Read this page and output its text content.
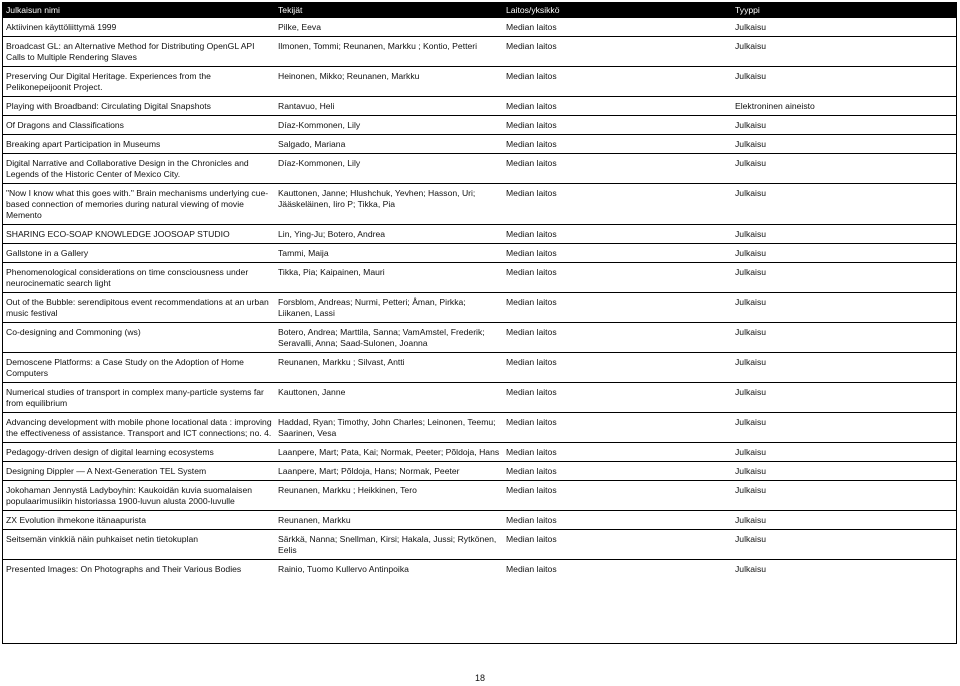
Julkaisun nimi	Tekijät	Laitos/yksikkö	Tyyppi
Aktiivinen käyttöliittymä 1999	Pilke, Eeva	Median laitos	Julkaisu
Broadcast GL: an Alternative Method for Distributing OpenGL API Calls to Multiple Rendering Slaves	Ilmonen, Tommi; Reunanen, Markku ; Kontio, Petteri	Median laitos	Julkaisu
Preserving Our Digital Heritage. Experiences from the Pelikonepeijoonit Project.	Heinonen, Mikko; Reunanen, Markku	Median laitos	Julkaisu
Playing with Broadband: Circulating Digital Snapshots	Rantavuo, Heli	Median laitos	Elektroninen aineisto
Of Dragons and Classifications	Díaz-Kommonen, Lily	Median laitos	Julkaisu
Breaking apart Participation in Museums	Salgado, Mariana	Median laitos	Julkaisu
Digital Narrative and Collaborative Design in the Chronicles and Legends of the Historic Center of Mexico City.	Díaz-Kommonen, Lily	Median laitos	Julkaisu
"Now I know what this goes with." Brain mechanisms underlying cue-based connection of memories during natural viewing of movie Memento	Kauttonen, Janne; Hlushchuk, Yevhen; Hasson, Uri; Jääskeläinen, Iiro P; Tikka, Pia	Median laitos	Julkaisu
SHARING ECO-SOAP KNOWLEDGE JOOSOAP STUDIO	Lin, Ying-Ju; Botero, Andrea	Median laitos	Julkaisu
Gallstone in a Gallery	Tammi, Maija	Median laitos	Julkaisu
Phenomenological considerations on time consciousness under neurocinematic search light	Tikka, Pia; Kaipainen, Mauri	Median laitos	Julkaisu
Out of the Bubble: serendipitous event recommendations at an urban music festival	Forsblom, Andreas; Nurmi, Petteri; Åman, Pirkka; Liikanen, Lassi	Median laitos	Julkaisu
Co-designing and Commoning (ws)	Botero, Andrea; Marttila, Sanna; VamAmstel, Frederik; Seravalli, Anna; Saad-Sulonen, Joanna	Median laitos	Julkaisu
Demoscene Platforms: a Case Study on the Adoption of Home Computers	Reunanen, Markku ; Silvast, Antti	Median laitos	Julkaisu
Numerical studies of transport in complex many-particle systems far from equilibrium	Kauttonen, Janne	Median laitos	Julkaisu
Advancing development with mobile phone locational data : improving the effectiveness of assistance. Transport and ICT connections; no. 4.	Haddad, Ryan; Timothy, John Charles; Leinonen, Teemu; Saarinen, Vesa	Median laitos	Julkaisu
Pedagogy-driven design of digital learning ecosystems	Laanpere, Mart; Pata, Kai; Normak, Peeter; Põldoja, Hans	Median laitos	Julkaisu
Designing Dippler — A Next-Generation TEL System	Laanpere, Mart; Põldoja, Hans; Normak, Peeter	Median laitos	Julkaisu
Jokohaman Jennystä Ladyboyhin: Kaukoidän kuvia suomalaisen populaarimusiikin historiassa 1900-luvun alusta 2000-luvulle	Reunanen, Markku ; Heikkinen, Tero	Median laitos	Julkaisu
ZX Evolution ihmekone itänaapurista	Reunanen, Markku	Median laitos	Julkaisu
Seitsemän vinkkiä näin puhkaiset netin tietokuplan	Särkkä, Nanna; Snellman, Kirsi; Hakala, Jussi; Rytkönen, Eelis	Median laitos	Julkaisu
Presented Images: On Photographs and Their Various Bodies	Rainio, Tuomo Kullervo Antinpoika	Median laitos	Julkaisu
18
